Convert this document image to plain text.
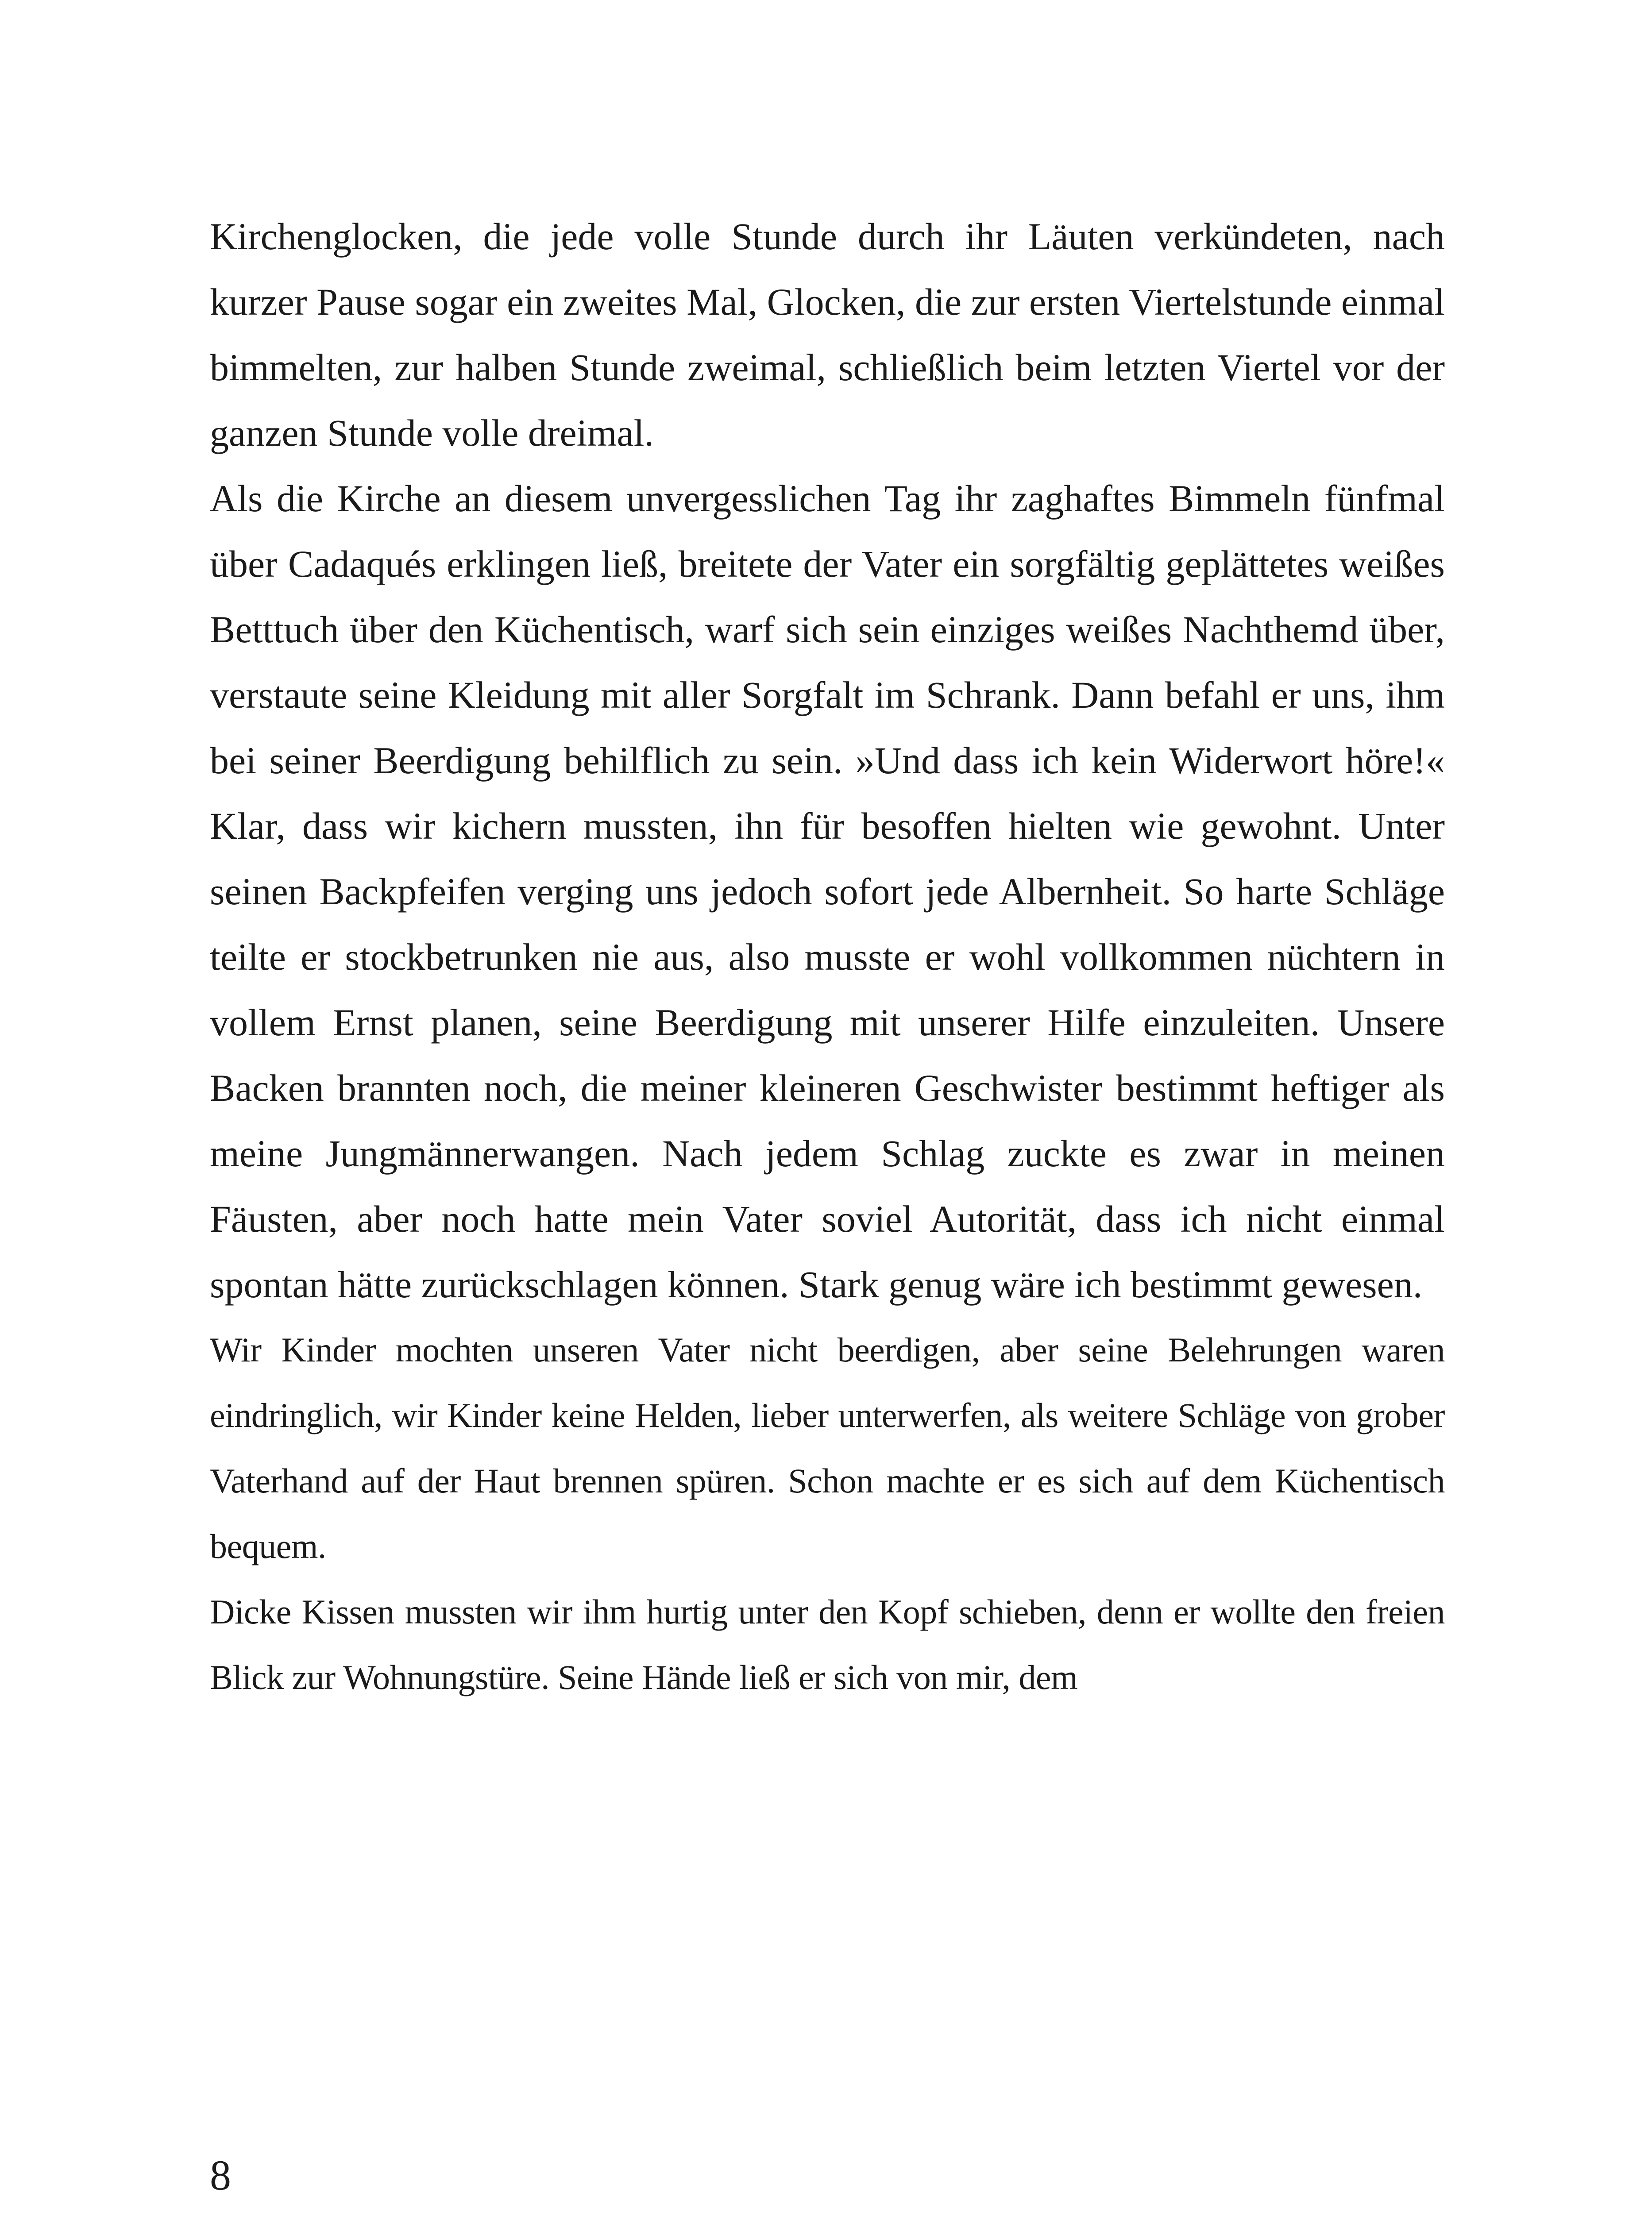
Kirchenglocken, die jede volle Stunde durch ihr Läuten verkündeten, nach kurzer Pause sogar ein zweites Mal, Glocken, die zur ersten Viertelstunde einmal bimmelten, zur halben Stunde zweimal, schließlich beim letzten Viertel vor der ganzen Stunde volle dreimal.

Als die Kirche an diesem unvergesslichen Tag ihr zaghaftes Bimmeln fünfmal über Cadaqués erklingen ließ, breitete der Vater ein sorgfältig geplättetes weißes Betttuch über den Küchentisch, warf sich sein einziges weißes Nachthemd über, verstaute seine Kleidung mit aller Sorgfalt im Schrank. Dann befahl er uns, ihm bei seiner Beerdigung behilflich zu sein. »Und dass ich kein Widerwort höre!« Klar, dass wir kichern mussten, ihn für besoffen hielten wie gewohnt. Unter seinen Backpfeifen verging uns jedoch sofort jede Albernheit. So harte Schläge teilte er stockbetrunken nie aus, also musste er wohl vollkommen nüchtern in vollem Ernst planen, seine Beerdigung mit unserer Hilfe einzuleiten. Unsere Backen brannten noch, die meiner kleineren Geschwister bestimmt heftiger als meine Jungmännerwangen. Nach jedem Schlag zuckte es zwar in meinen Fäusten, aber noch hatte mein Vater soviel Autorität, dass ich nicht einmal spontan hätte zurückschlagen können. Stark genug wäre ich bestimmt gewesen.

Wir Kinder mochten unseren Vater nicht beerdigen, aber seine Belehrungen waren eindringlich, wir Kinder keine Helden, lieber unterwerfen, als weitere Schläge von grober Vaterhand auf der Haut brennen spüren. Schon machte er es sich auf dem Küchentisch bequem.

Dicke Kissen mussten wir ihm hurtig unter den Kopf schieben, denn er wollte den freien Blick zur Wohnungstüre. Seine Hände ließ er sich von mir, dem

8
